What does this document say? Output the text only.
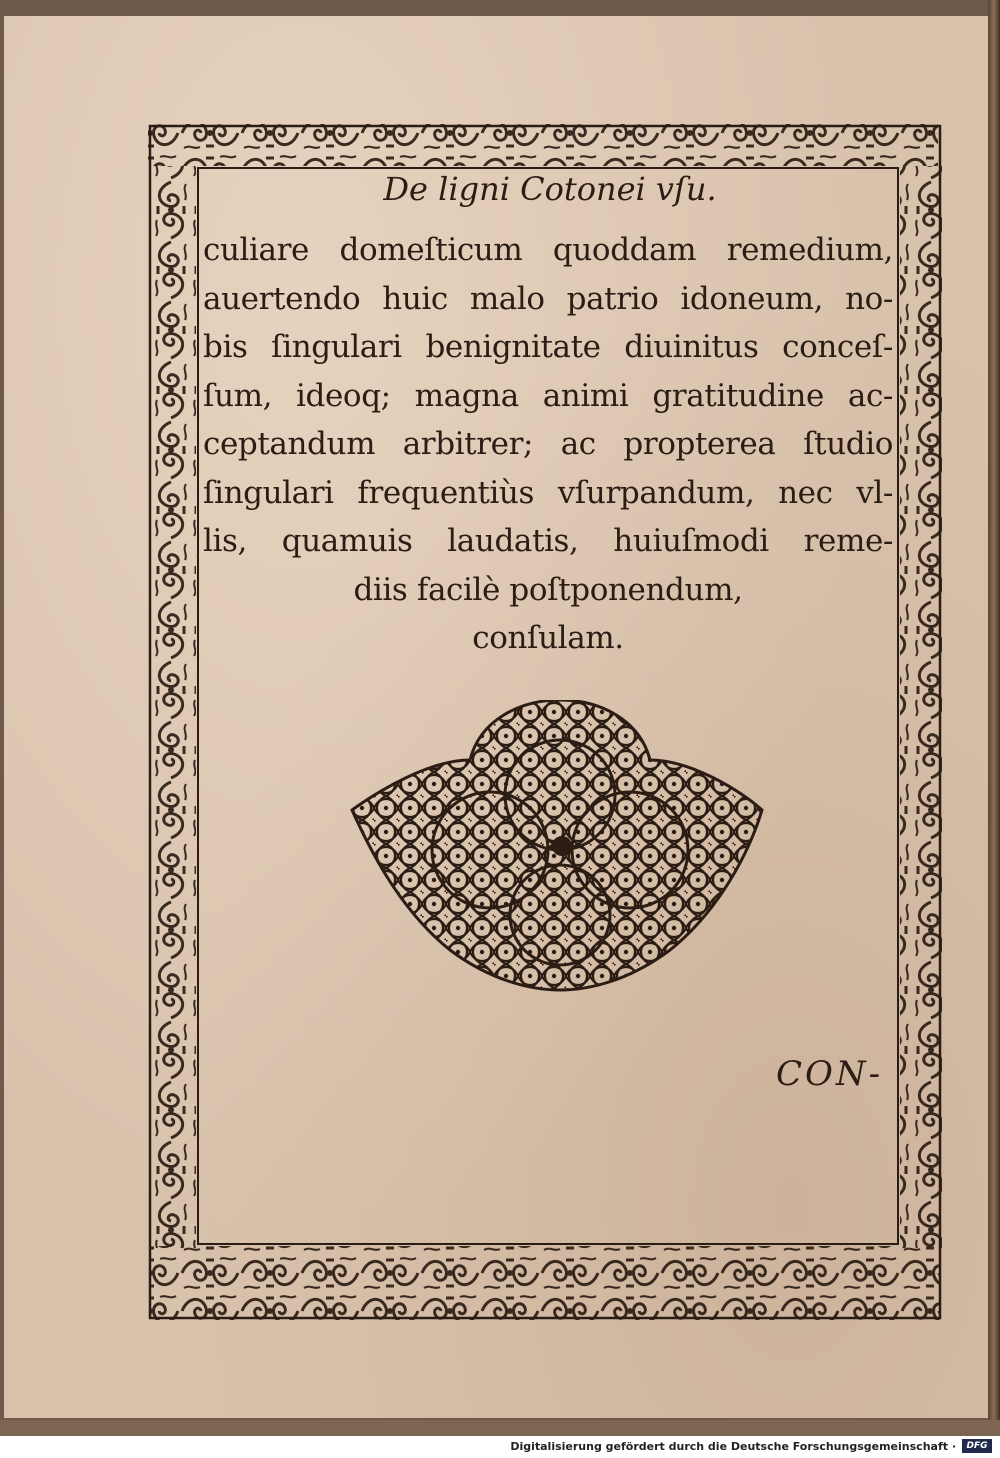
De ligni Cotonei vſu.
culiare domeſticum quoddam remedium,
auertendo huic malo patrio idoneum, no-
bis ſingulari benignitate diuinitus conceſ-
ſum, ideoq; magna animi gratitudine ac-
ceptandum arbitrer; ac propterea ſtudio
ſingulari frequentiùs vſurpandum, nec vl-
lis, quamuis laudatis, huiuſmodi reme-
diis facilè poſtponendum,
conſulam.
CON-
Digitalisierung gefördert durch die Deutsche Forschungsgemeinschaft ·	DFG
